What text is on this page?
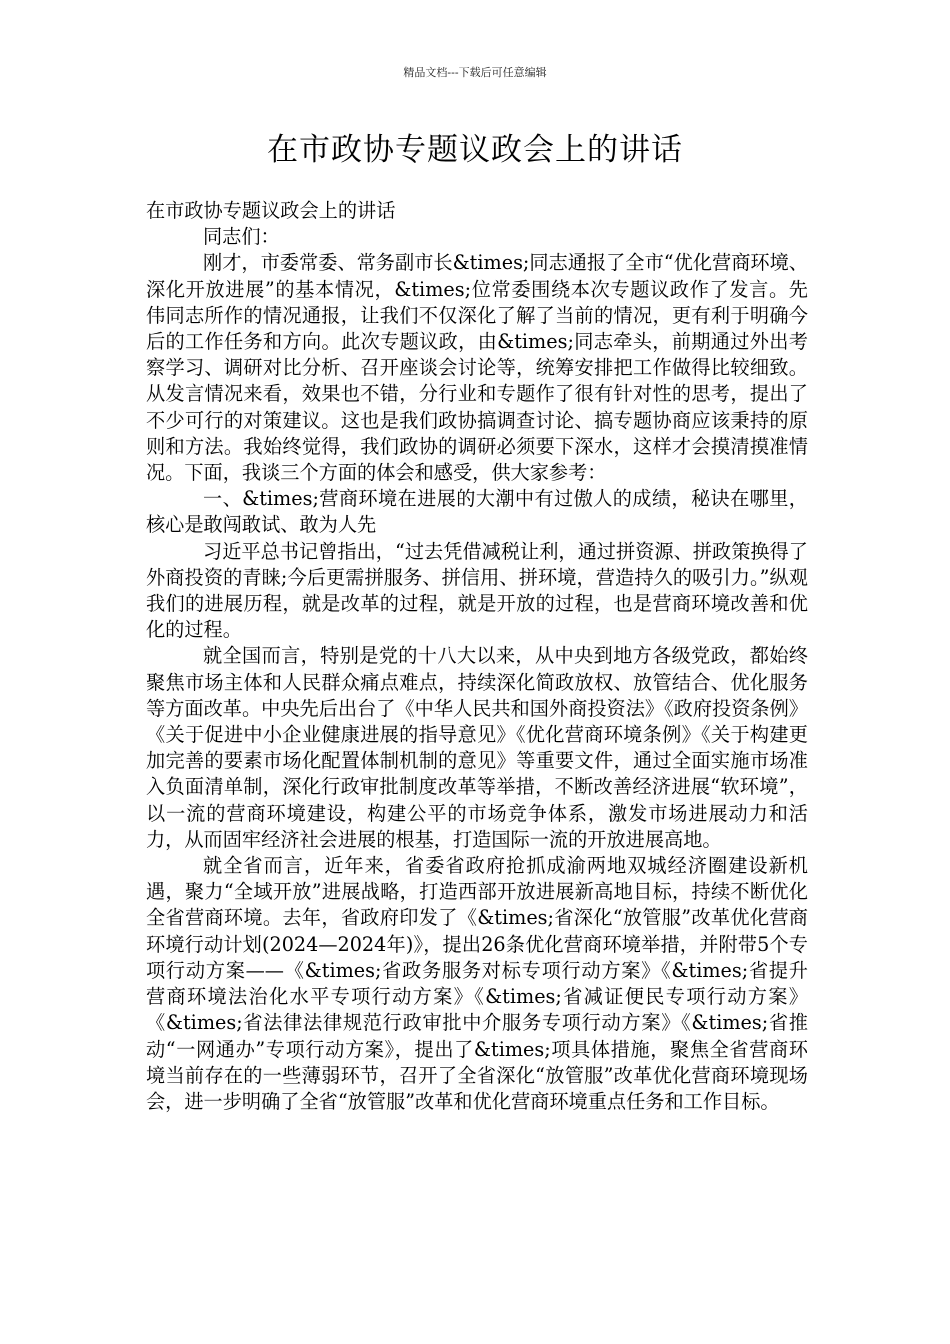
精品文档---下载后可任意编辑
在市政协专题议政会上的讲话

在市政协专题议政会上的讲话

同志们：

刚才，市委常委、常务副市长&times;同志通报了全市“优化营商环境、深化开放进展”的基本情况，&times;位常委围绕本次专题议政作了发言。先伟同志所作的情况通报，让我们不仅深化了解了当前的情况，更有利于明确今后的工作任务和方向。此次专题议政，由&times;同志牵头，前期通过外出考察学习、调研对比分析、召开座谈会讨论等，统筹安排把工作做得比较细致。从发言情况来看，效果也不错，分行业和专题作了很有针对性的思考，提出了不少可行的对策建议。这也是我们政协搞调查讨论、搞专题协商应该秉持的原则和方法。我始终觉得，我们政协的调研必须要下深水，这样才会摸清摸准情况。下面，我谈三个方面的体会和感受，供大家参考：

一、&times;营商环境在进展的大潮中有过傲人的成绩，秘诀在哪里，核心是敢闯敢试、敢为人先

习近平总书记曾指出，“过去凭借减税让利，通过拼资源、拼政策换得了外商投资的青睐;今后更需拼服务、拼信用、拼环境，营造持久的吸引力。”纵观我们的进展历程，就是改革的过程，就是开放的过程，也是营商环境改善和优化的过程。

就全国而言，特别是党的十八大以来，从中央到地方各级党政，都始终聚焦市场主体和人民群众痛点难点，持续深化简政放权、放管结合、优化服务等方面改革。中央先后出台了《中华人民共和国外商投资法》《政府投资条例》《关于促进中小企业健康进展的指导意见》《优化营商环境条例》《关于构建更加完善的要素市场化配置体制机制的意见》等重要文件，通过全面实施市场准入负面清单制，深化行政审批制度改革等举措，不断改善经济进展“软环境”，以一流的营商环境建设，构建公平的市场竞争体系，激发市场进展动力和活力，从而固牢经济社会进展的根基，打造国际一流的开放进展高地。

就全省而言，近年来，省委省政府抢抓成渝两地双城经济圈建设新机遇，聚力“全域开放”进展战略，打造西部开放进展新高地目标，持续不断优化全省营商环境。去年，省政府印发了《&times;省深化“放管服”改革优化营商环境行动计划(2024—2024年)》，提出26条优化营商环境举措，并附带5个专项行动方案——《&times;省政务服务对标专项行动方案》《&times;省提升营商环境法治化水平专项行动方案》《&times;省减证便民专项行动方案》《&times;省法律法律规范行政审批中介服务专项行动方案》《&times;省推动“一网通办”专项行动方案》，提出了&times;项具体措施，聚焦全省营商环境当前存在的一些薄弱环节，召开了全省深化“放管服”改革优化营商环境现场会，进一步明确了全省“放管服”改革和优化营商环境重点任务和工作目标。
